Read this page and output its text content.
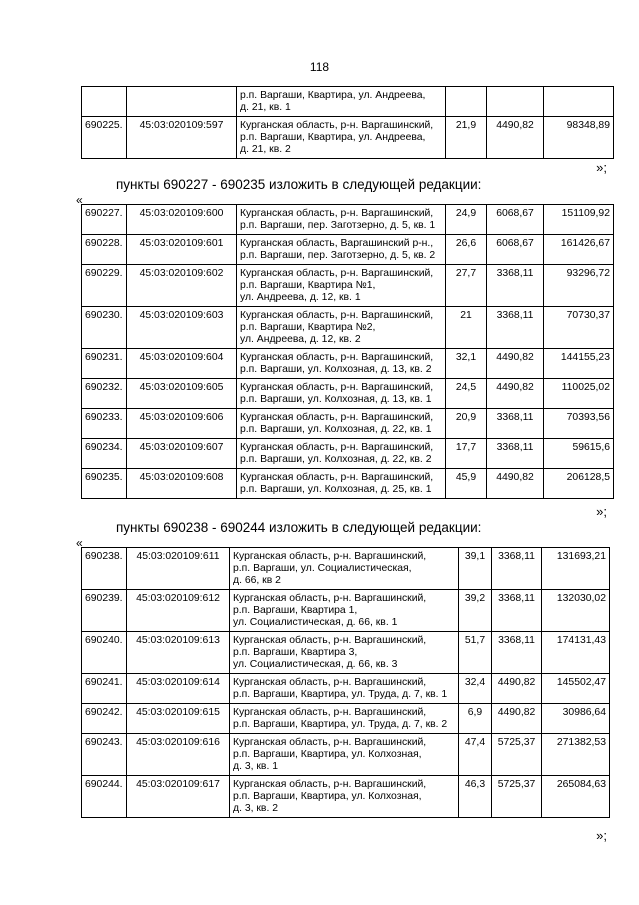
118

		р.п. Варгаши, Квартира, ул. Андреева,
д. 21, кв. 1			

690225.	45:03:020109:597	Курганская область, р-н. Варгашинский,
р.п. Варгаши, Квартира, ул. Андреева,
д. 21, кв. 2	21,9	4490,82	98348,89
»;
пункты 690227 - 690235 изложить в следующей редакции:
«
690227.	45:03:020109:600	Курганская область, р-н. Варгашинский,
р.п. Варгаши, пер. Заготзерно, д. 5, кв. 1	24,9	6068,67	151109,92
690228.	45:03:020109:601	Курганская область, Варгашинский р-н.,
р.п. Варгаши, пер. Заготзерно, д. 5, кв. 2	26,6	6068,67	161426,67
690229.	45:03:020109:602	Курганская область, р-н. Варгашинский,
р.п. Варгаши, Квартира №1,
ул. Андреева, д. 12, кв. 1	27,7	3368,11	93296,72
690230.	45:03:020109:603	Курганская область, р-н. Варгашинский,
р.п. Варгаши, Квартира №2,
ул. Андреева, д. 12, кв. 2	21	3368,11	70730,37
690231.	45:03:020109:604	Курганская область, р-н. Варгашинский,
р.п. Варгаши, ул. Колхозная, д. 13, кв. 2	32,1	4490,82	144155,23
690232.	45:03:020109:605	Курганская область, р-н. Варгашинский,
р.п. Варгаши, ул. Колхозная, д. 13, кв. 1	24,5	4490,82	110025,02
690233.	45:03:020109:606	Курганская область, р-н. Варгашинский,
р.п. Варгаши, ул. Колхозная, д. 22, кв. 1	20,9	3368,11	70393,56
690234.	45:03:020109:607	Курганская область, р-н. Варгашинский,
р.п. Варгаши, ул. Колхозная, д. 22, кв. 2	17,7	3368,11	59615,6
690235.	45:03:020109:608	Курганская область, р-н. Варгашинский,
р.п. Варгаши, ул. Колхозная, д. 25, кв. 1	45,9	4490,82	206128,5
»;
пункты 690238 - 690244 изложить в следующей редакции:
«
690238.	45:03:020109:611	Курганская область, р-н. Варгашинский,
р.п. Варгаши, ул. Социалистическая,
д. 66, кв 2	39,1	3368,11	131693,21
690239.	45:03:020109:612	Курганская область, р-н. Варгашинский,
р.п. Варгаши, Квартира 1,
ул. Социалистическая, д. 66, кв. 1	39,2	3368,11	132030,02
690240.	45:03:020109:613	Курганская область, р-н. Варгашинский,
р.п. Варгаши, Квартира 3,
ул. Социалистическая, д. 66, кв. 3	51,7	3368,11	174131,43
690241.	45:03:020109:614	Курганская область, р-н. Варгашинский,
р.п. Варгаши, Квартира, ул. Труда, д. 7, кв. 1	32,4	4490,82	145502,47
690242.	45:03:020109:615	Курганская область, р-н. Варгашинский,
р.п. Варгаши, Квартира, ул. Труда, д. 7, кв. 2	6,9	4490,82	30986,64
690243.	45:03:020109:616	Курганская область, р-н. Варгашинский,
р.п. Варгаши, Квартира, ул. Колхозная,
д. 3, кв. 1	47,4	5725,37	271382,53
690244.	45:03:020109:617	Курганская область, р-н. Варгашинский,
р.п. Варгаши, Квартира, ул. Колхозная,
д. 3, кв. 2	46,3	5725,37	265084,63
»;
